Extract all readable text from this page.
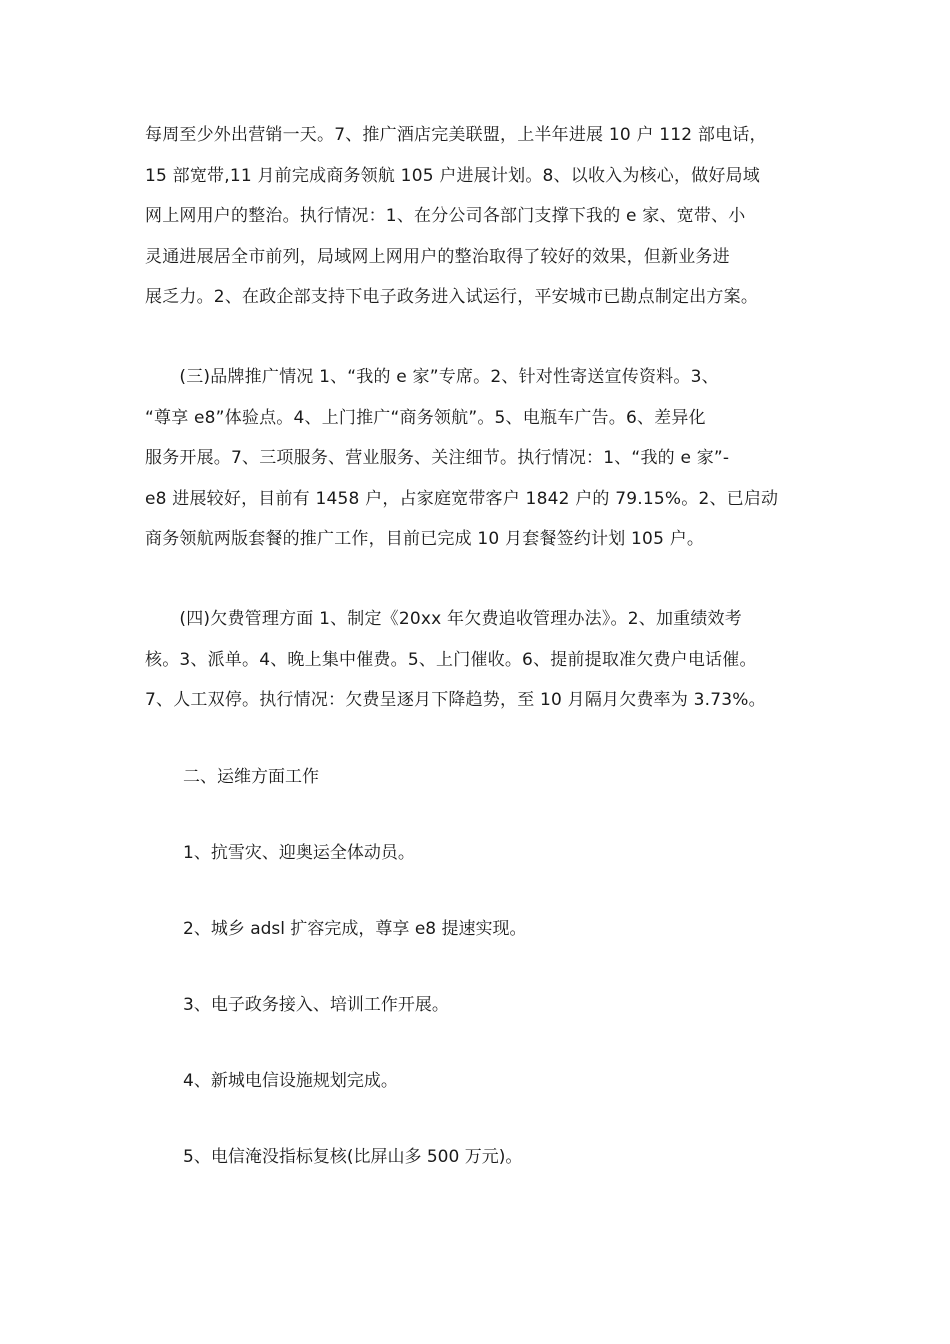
每周至少外出营销一天。7、推广酒店完美联盟，上半年进展 10 户 112 部电话，
15 部宽带,11 月前完成商务领航 105 户进展计划。8、以收入为核心，做好局域
网上网用户的整治。执行情况：1、在分公司各部门支撑下我的 e 家、宽带、小
灵通进展居全市前列，局域网上网用户的整治取得了较好的效果，但新业务进
展乏力。2、在政企部支持下电子政务进入试运行，平安城市已勘点制定出方案。

　　(三)品牌推广情况 1、“我的 e 家”专席。2、针对性寄送宣传资料。3、
“尊享 e8”体验点。4、上门推广“商务领航”。5、电瓶车广告。6、差异化
服务开展。7、三项服务、营业服务、关注细节。执行情况：1、“我的 e 家”-
e8 进展较好，目前有 1458 户，占家庭宽带客户 1842 户的 79.15%。2、已启动
商务领航两版套餐的推广工作，目前已完成 10 月套餐签约计划 105 户。

　　(四)欠费管理方面 1、制定《20xx 年欠费追收管理办法》。2、加重绩效考
核。3、派单。4、晚上集中催费。5、上门催收。6、提前提取准欠费户电话催。
7、人工双停。执行情况：欠费呈逐月下降趋势，至 10 月隔月欠费率为 3.73%。

二、运维方面工作

1、抗雪灾、迎奥运全体动员。

2、城乡 adsl 扩容完成，尊享 e8 提速实现。

3、电子政务接入、培训工作开展。

4、新城电信设施规划完成。

5、电信淹没指标复核(比屏山多 500 万元)。
